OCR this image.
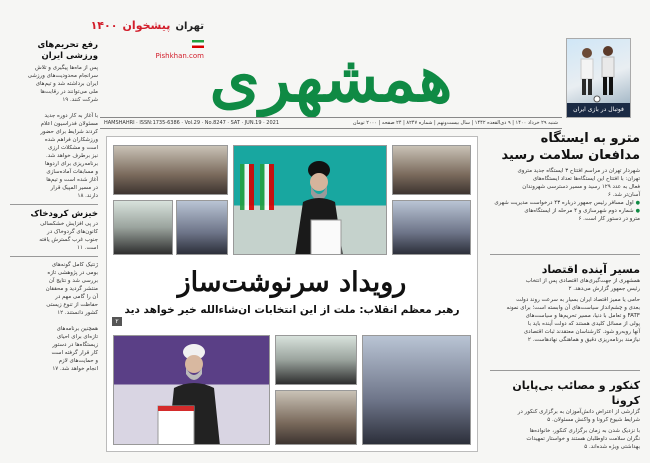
تهران پیشخوان ۱۴۰۰
Pishkhan.com همشهری
شنبه ۲۹ خرداد ۱۴۰۰ | ۹ ذی‌القعده ۱۴۴۲ | سال بیست‌ونهم | شماره ۸۲۴۷ | ۲۴ صفحه | ۲۰۰۰ تومان
HAMSHAHRI · ISSN:1735-6386 · Vol.29 · No.8247 · SAT · JUN.19 · 2021
فوتبال در بازی ایران
رفع تحریم‌های
ورزشی ایران
پس از ماه‌ها پیگیری و تلاش
سرانجام محدودیت‌های ورزشی
ایران برداشته شد و تیم‌های
ملی می‌توانند در رقابت‌ها
شرکت کنند. ۱۹
با آغاز به کار دوره جدید
مسئولان فدراسیون اعلام
کردند شرایط برای حضور
ورزشکاران فراهم شده
است و مشکلات ارزی
نیز برطرف خواهد شد.
برنامه‌ریزی برای اردوها
و مسابقات آماده‌سازی
آغاز شده است و تیم‌ها
در مسیر المپیک قرار
دارند. ۱۸
خیزش کرودخاک
در پی افزایش خشکسالی
کانون‌های گردوخاک در
جنوب غرب گسترش یافته
است. ۱۱
ژنتیک کامل گونه‌های
بومی در پژوهشی تازه
بررسی شد و نتایج آن
منتشر گردید و محققان
آن را گامی مهم در
حفاظت از تنوع زیستی
کشور دانستند. ۱۲
همچنین برنامه‌های
تازه‌ای برای احیای
زیستگاه‌ها در دستور
کار قرار گرفته است
و حمایت‌های لازم
انجام خواهد شد. ۱۷
رویداد سرنوشت‌ساز
رهبر معظم انقلاب: ملت از این انتخابات ان‌شاءالله خیر خواهد دید
۲
مترو به ایستگاه
مدافعان سلامت رسید
شهردار تهران در مراسم افتتاح ۳ ایستگاه جدید متروی
تهران: با افتتاح این ایستگاه‌ها تعداد ایستگاه‌های
فعال به عدد ۱۲۹ رسید و مسیر دسترسی شهروندان
آسان‌تر شد. ۶
● اول مسافر رئیس جمهور درباره ۴۳ درخواست مدیریت شهری
● شماره دوم شهرسازی و ۴ مرحله از ایستگاه‌های
مترو در دستور کار است. ۶
مسیر آینده اقتصاد
همشهری از جهت‌گیری‌های اقتصادی پس از انتخاب
رئیس جمهور گزارش می‌دهد. ۲
حامی یا ممیز اقتصاد ایران بسیار به سرعت روند دولت
بعدی و چشم‌انداز سیاست‌های آن وابسته است؛ برای نمونه
FATF و تعامل با دنیا، مسیر تحریم‌ها و سیاست‌های
پولی از مسائل کلیدی هستند که دولت آینده باید با
آنها روبه‌رو شود. کارشناسان معتقدند ثبات اقتصادی
نیازمند برنامه‌ریزی دقیق و هماهنگی نهادهاست. ۲
کنکور و مصائب بی‌پایان کرونا
گزارشی از اعتراض دانش‌آموزان به برگزاری کنکور در
شرایط شیوع کرونا و واکنش مسئولان. ۵
با نزدیک شدن به زمان برگزاری کنکور، خانواده‌ها
نگران سلامت داوطلبان هستند و خواستار تمهیدات
بهداشتی ویژه شده‌اند. ۵
